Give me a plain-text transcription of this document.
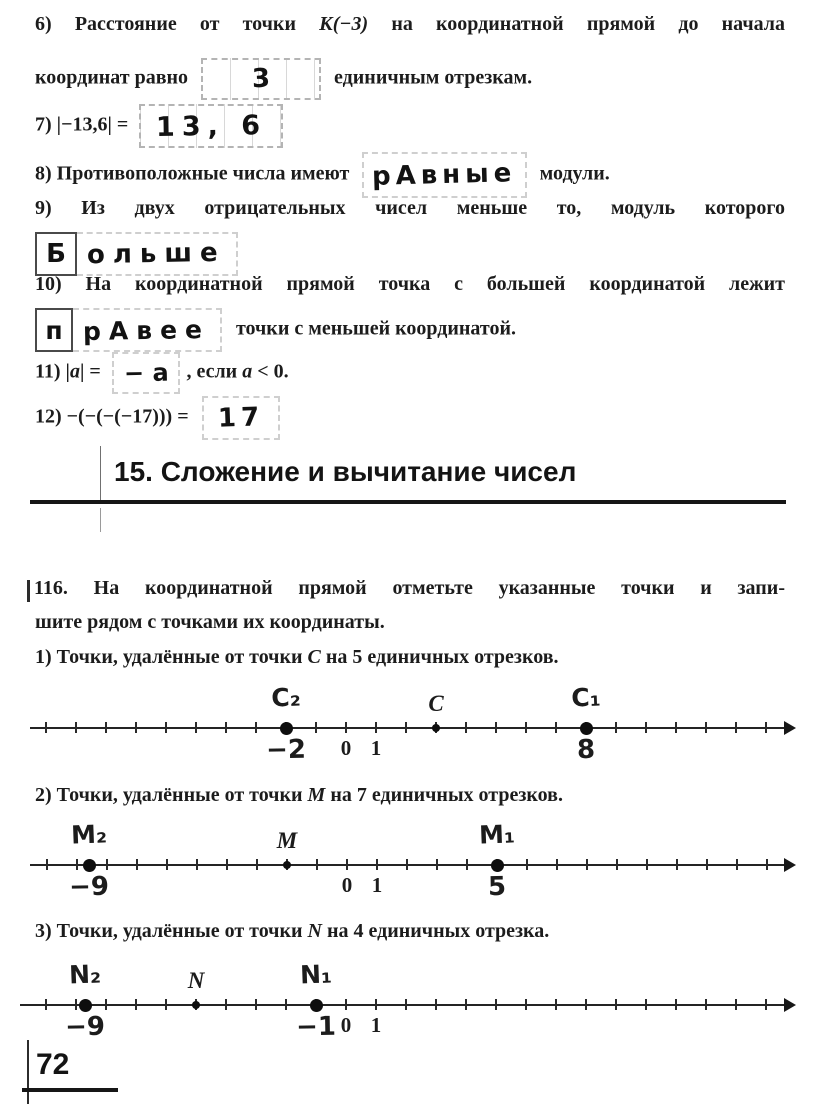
6) Расстояние от точки К(−3) на координатной прямой до начала
координат равно 3	единичным отрезкам.
7) |−13,6| = 13, 6
8) Противоположные числа имеют рАвные модули.
9) Из двух отрицательных чисел меньше то, модуль которого
Б ольше
10) На координатной прямой точка с большей координатой лежит
п рАвее точки с меньшей координатой.
11) |a| = − a , если a < 0.
12) −(−(−(−17))) = 17
15. Сложение и вычитание чисел
116. На координатной прямой отметьте указанные точки и запи-
шите рядом с точками их координаты.
1) Точки, удалённые от точки C на 5 единичных отрезков.
0 1
C₂
−2
C	C₁
8
2) Точки, удалённые от точки M на 7 единичных отрезков.
0 1
M₂
−9
M	M₁
5
3) Точки, удалённые от точки N на 4 единичных отрезка.
0 1
N₂
−9
N	N₁
−1
72
